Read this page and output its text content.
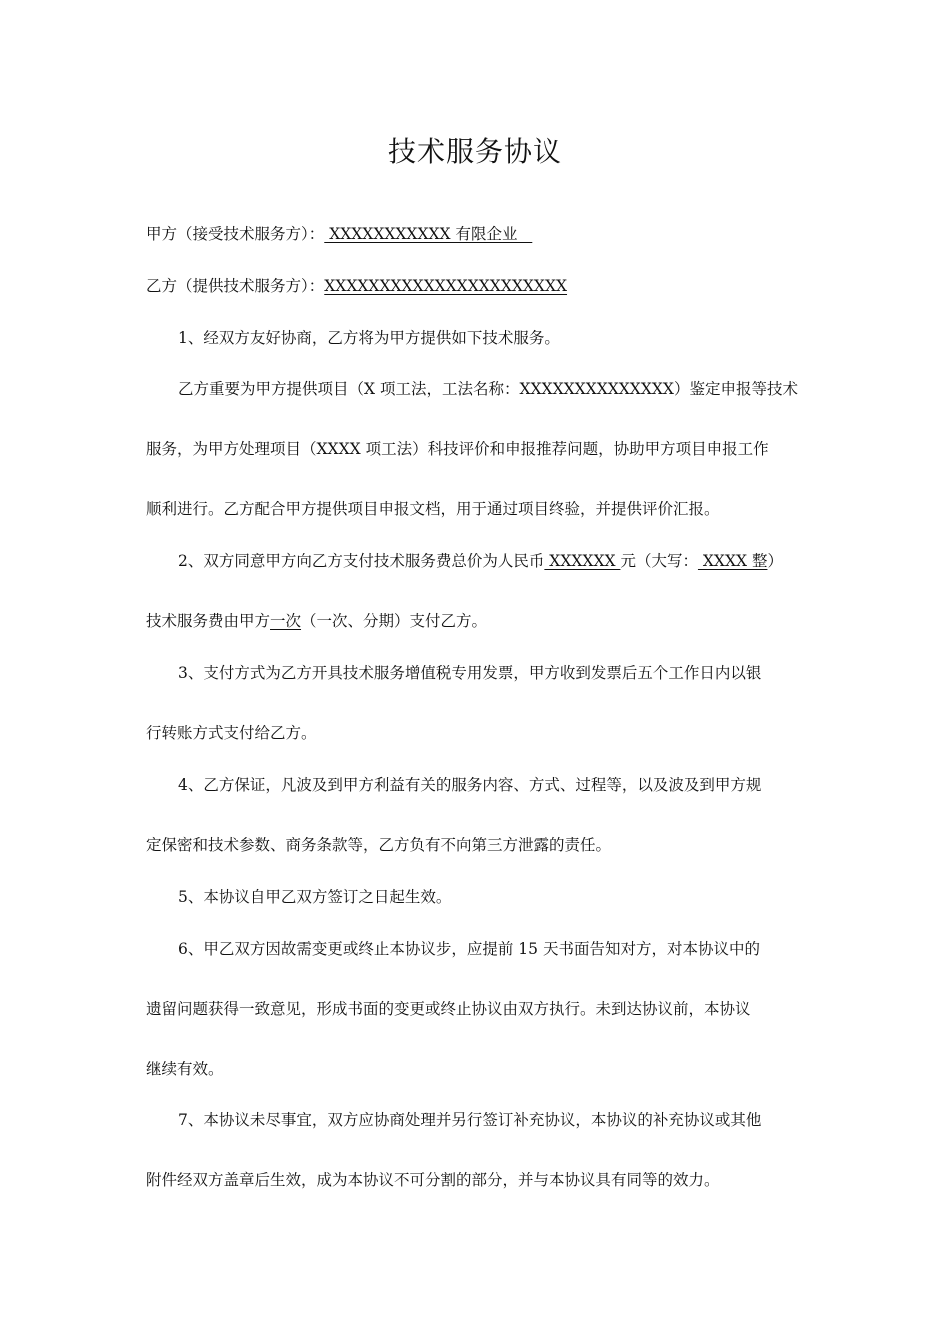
技术服务协议
甲方（接受技术服务方）： XXXXXXXXXXX 有限企业
乙方（提供技术服务方）：XXXXXXXXXXXXXXXXXXXXXX
1、经双方友好协商，乙方将为甲方提供如下技术服务。
乙方重要为甲方提供项目（X 项工法，工法名称：XXXXXXXXXXXXXX）鉴定申报等技术
服务，为甲方处理项目（XXXX 项工法）科技评价和申报推荐问题，协助甲方项目申报工作
顺利进行。乙方配合甲方提供项目申报文档，用于通过项目终验，并提供评价汇报。
2、双方同意甲方向乙方支付技术服务费总价为人民币 XXXXXX 元（大写： XXXX 整）
技术服务费由甲方一次（一次、分期）支付乙方。
3、支付方式为乙方开具技术服务增值税专用发票，甲方收到发票后五个工作日内以银
行转账方式支付给乙方。
4、乙方保证，凡波及到甲方利益有关的服务内容、方式、过程等，以及波及到甲方规
定保密和技术参数、商务条款等，乙方负有不向第三方泄露的责任。
5、本协议自甲乙双方签订之日起生效。
6、甲乙双方因故需变更或终止本协议步，应提前 15 天书面告知对方，对本协议中的
遗留问题获得一致意见，形成书面的变更或终止协议由双方执行。未到达协议前，本协议
继续有效。
7、本协议未尽事宜，双方应协商处理并另行签订补充协议，本协议的补充协议或其他
附件经双方盖章后生效，成为本协议不可分割的部分，并与本协议具有同等的效力。
